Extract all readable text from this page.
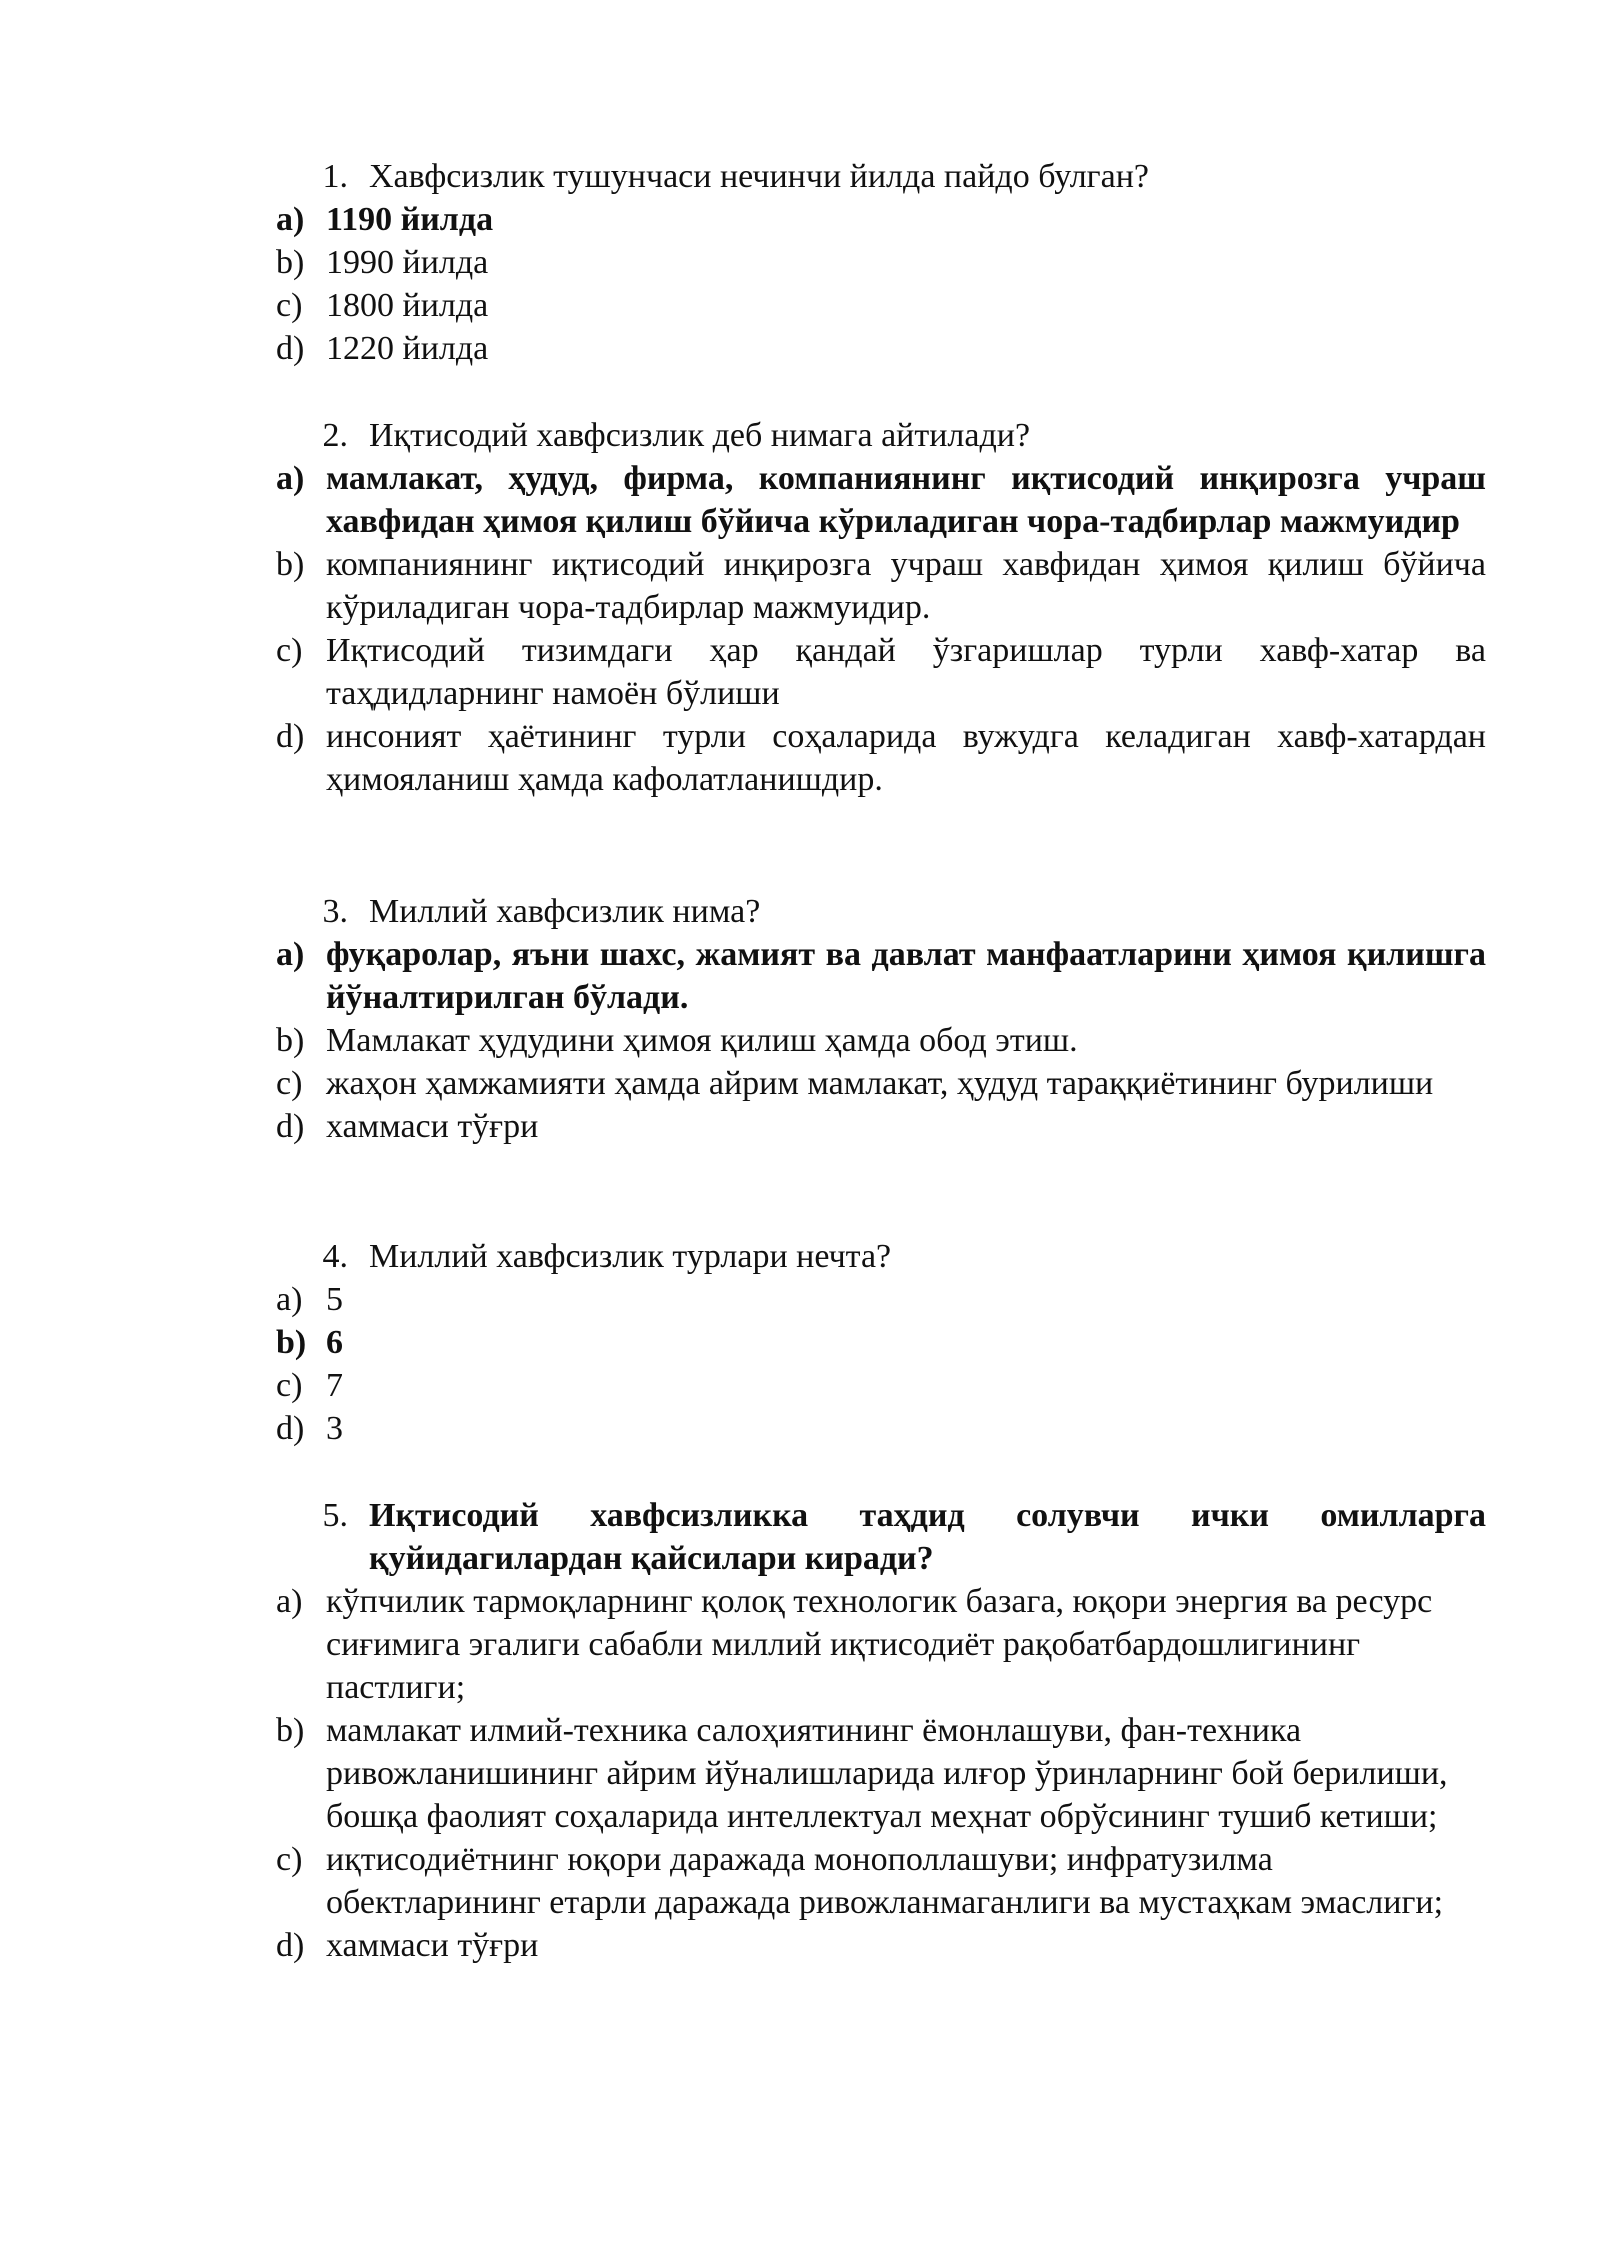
1. Хавфсизлик тушунчаси нечинчи йилда пайдо булган?

a) 1190 йилда

b) 1990 йилда

c) 1800 йилда

d) 1220 йилда

2. Иқтисодий хавфсизлик деб нимага айтилади?

a) мамлакат, ҳудуд, фирма, компаниянинг иқтисодий инқирозга учраш хавфидан ҳимоя қилиш бўйича кўриладиган чора-тадбирлар мажмуидир

b) компаниянинг иқтисодий инқирозга учраш хавфидан ҳимоя қилиш бўйича кўриладиган чора-тадбирлар мажмуидир.

c) Иқтисодий тизимдаги ҳар қандай ўзгаришлар турли хавф-хатар ва таҳдидларнинг намоён бўлиши

d) инсоният ҳаётининг турли соҳаларида вужудга келадиган хавф-хатардан ҳимояланиш ҳамда кафолатланишдир.

3. Миллий хавфсизлик нима?

a) фуқаролар, яъни шахс, жамият ва давлат манфаатларини ҳимоя қилишга йўналтирилган бўлади.

b) Мамлакат ҳудудини ҳимоя қилиш ҳамда обод этиш.

c) жаҳон ҳамжамияти ҳамда айрим мамлакат, ҳудуд тараққиётининг бурилиши

d) хаммаси тўғри

4. Миллий хавфсизлик турлари нечта?

a) 5

b) 6

c) 7

d) 3

5. Иқтисодий хавфсизликка таҳдид солувчи ички омилларга қуйидагилардан қайсилари киради?

a) кўпчилик тармоқларнинг қолоқ технологик базага, юқори энергия ва ресурс сиғимига эгалиги сабабли миллий иқтисодиёт рақобатбардошлигининг пастлиги;

b) мамлакат илмий-техника салоҳиятининг ёмонлашуви, фан-техника ривожланишининг айрим йўналишларида илғор ўринларнинг бой берилиши, бошқа фаолият соҳаларида интеллектуал меҳнат обрўсининг тушиб кетиши;

c) иқтисодиётнинг юқори даражада монополлашуви; инфратузилма обектларининг етарли даражада ривожланмаганлиги ва мустаҳкам эмаслиги;

d) хаммаси тўғри
